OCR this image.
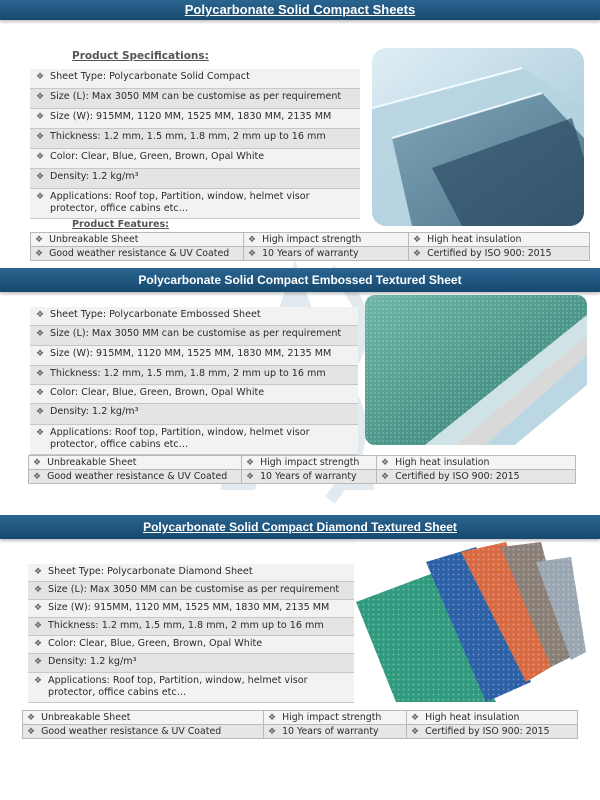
Polycarbonate Solid Compact Sheets
Product Specifications:
❖ Sheet Type: Polycarbonate Solid Compact
❖ Size (L): Max 3050 MM can be customise as per requirement
❖ Size (W): 915MM, 1120 MM, 1525 MM, 1830 MM, 2135 MM
❖ Thickness: 1.2 mm, 1.5 mm, 1.8 mm, 2 mm up to 16 mm
❖ Color: Clear, Blue, Green, Brown, Opal White
❖ Density: 1.2 kg/m³
❖ Applications: Roof top, Partition, window, helmet visor protector, office cabins etc…
Product Features:
❖ Unbreakable Sheet	❖ High impact strength	❖ High heat insulation
❖ Good weather resistance & UV Coated	❖ 10 Years of warranty	❖ Certified by ISO 900: 2015
Polycarbonate Solid Compact Embossed Textured Sheet
❖ Sheet Type: Polycarbonate Embossed Sheet
❖ Size (L): Max 3050 MM can be customise as per requirement
❖ Size (W): 915MM, 1120 MM, 1525 MM, 1830 MM, 2135 MM
❖ Thickness: 1.2 mm, 1.5 mm, 1.8 mm, 2 mm up to 16 mm
❖ Color: Clear, Blue, Green, Brown, Opal White
❖ Density: 1.2 kg/m³
❖ Applications: Roof top, Partition, window, helmet visor protector, office cabins etc…
❖ Unbreakable Sheet	❖ High impact strength	❖ High heat insulation
❖ Good weather resistance & UV Coated	❖ 10 Years of warranty	❖ Certified by ISO 900: 2015
Polycarbonate Solid Compact Diamond Textured Sheet
❖ Sheet Type: Polycarbonate Diamond Sheet
❖ Size (L): Max 3050 MM can be customise as per requirement
❖ Size (W): 915MM, 1120 MM, 1525 MM, 1830 MM, 2135 MM
❖ Thickness: 1.2 mm, 1.5 mm, 1.8 mm, 2 mm up to 16 mm
❖ Color: Clear, Blue, Green, Brown, Opal White
❖ Density: 1.2 kg/m³
❖ Applications: Roof top, Partition, window, helmet visor protector, office cabins etc…
❖ Unbreakable Sheet	❖ High impact strength	❖ High heat insulation
❖ Good weather resistance & UV Coated	❖ 10 Years of warranty	❖ Certified by ISO 900: 2015
